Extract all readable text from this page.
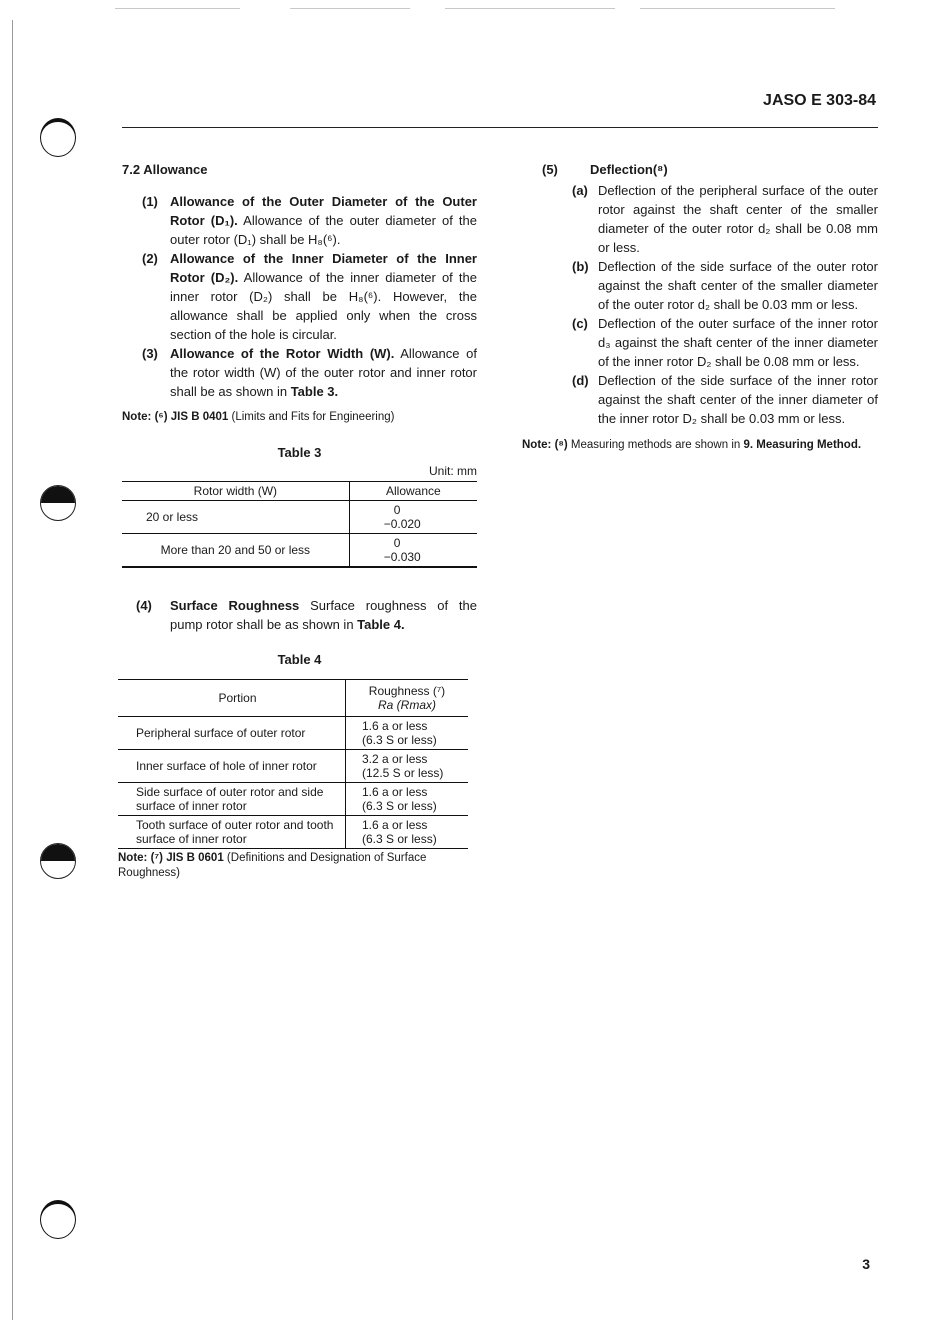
JASO E 303-84
7.2 Allowance
(1) Allowance of the Outer Diameter of the Outer Rotor (D₁). Allowance of the outer diameter of the outer rotor (D₁) shall be H₈(⁶).
(2) Allowance of the Inner Diameter of the Inner Rotor (D₂). Allowance of the inner diameter of the inner rotor (D₂) shall be H₈(⁶). However, the allowance shall be applied only when the cross section of the hole is circular.
(3) Allowance of the Rotor Width (W). Allowance of the rotor width (W) of the outer rotor and inner rotor shall be as shown in Table 3.
Note: (⁶) JIS B 0401 (Limits and Fits for Engineering)
Table 3
Unit: mm
Rotor width (W)	Allowance
20 or less	0
−0.020

More than 20 and 50 or less	0
−0.030
(4)	Surface Roughness Surface roughness of the pump rotor shall be as shown in Table 4.
Table 4
Portion	Roughness (⁷)
Ra (Rmax)

Peripheral surface of outer rotor	1.6 a or less
(6.3 S or less)

Inner surface of hole of inner rotor	3.2 a or less
(12.5 S or less)

Side surface of outer rotor and side surface of inner rotor	1.6 a or less
(6.3 S or less)

Tooth surface of outer rotor and tooth surface of inner rotor	1.6 a or less
(6.3 S or less)
Note: (⁷) JIS B 0601 (Definitions and Designation of Surface Roughness)
(5)	Deflection(⁸)
(a) Deflection of the peripheral surface of the outer rotor against the shaft center of the smaller diameter of the outer rotor d₂ shall be 0.08 mm or less.
(b) Deflection of the side surface of the outer rotor against the shaft center of the smaller diameter of the outer rotor d₂ shall be 0.03 mm or less.
(c) Deflection of the outer surface of the inner rotor d₃ against the shaft center of the inner diameter of the inner rotor D₂ shall be 0.08 mm or less.
(d) Deflection of the side surface of the inner rotor against the shaft center of the inner diameter of the inner rotor D₂ shall be 0.03 mm or less.
Note: (⁸) Measuring methods are shown in 9. Measuring Method.
3
